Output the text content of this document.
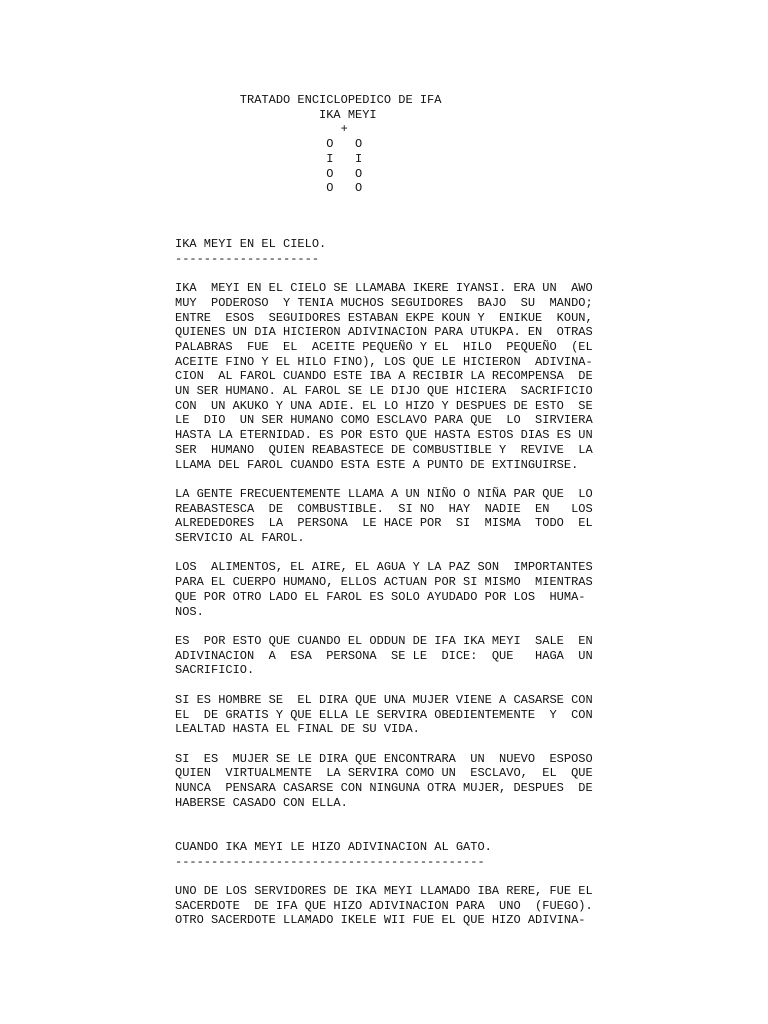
TRATADO ENCICLOPEDICO DE IFA
IKA MEYI
+
O   O
I   I
O   O
O   O
IKA MEYI EN EL CIELO.
--------------------

IKA  MEYI EN EL CIELO SE LLAMABA IKERE IYANSI. ERA UN  AWO
MUY  PODEROSO  Y TENIA MUCHOS SEGUIDORES  BAJO  SU  MANDO;
ENTRE  ESOS  SEGUIDORES ESTABAN EKPE KOUN Y  ENIKUE  KOUN,
QUIENES UN DIA HICIERON ADIVINACION PARA UTUKPA. EN  OTRAS
PALABRAS  FUE  EL  ACEITE PEQUEÑO Y EL  HILO  PEQUEÑO  (EL
ACEITE FINO Y EL HILO FINO), LOS QUE LE HICIERON  ADIVINA-
CION  AL FAROL CUANDO ESTE IBA A RECIBIR LA RECOMPENSA  DE
UN SER HUMANO. AL FAROL SE LE DIJO QUE HICIERA  SACRIFICIO
CON  UN AKUKO Y UNA ADIE. EL LO HIZO Y DESPUES DE ESTO  SE
LE  DIO  UN SER HUMANO COMO ESCLAVO PARA QUE  LO  SIRVIERA
HASTA LA ETERNIDAD. ES POR ESTO QUE HASTA ESTOS DIAS ES UN
SER  HUMANO  QUIEN REABASTECE DE COMBUSTIBLE Y  REVIVE  LA
LLAMA DEL FAROL CUANDO ESTA ESTE A PUNTO DE EXTINGUIRSE.

LA GENTE FRECUENTEMENTE LLAMA A UN NIÑO O NIÑA PAR QUE  LO
REABASTESCA  DE  COMBUSTIBLE.  SI NO  HAY  NADIE  EN   LOS
ALREDEDORES  LA  PERSONA  LE HACE POR  SI  MISMA  TODO  EL
SERVICIO AL FAROL.

LOS  ALIMENTOS, EL AIRE, EL AGUA Y LA PAZ SON  IMPORTANTES
PARA EL CUERPO HUMANO, ELLOS ACTUAN POR SI MISMO  MIENTRAS
QUE POR OTRO LADO EL FAROL ES SOLO AYUDADO POR LOS  HUMA-
NOS.

ES  POR ESTO QUE CUANDO EL ODDUN DE IFA IKA MEYI  SALE  EN
ADIVINACION  A  ESA  PERSONA  SE LE  DICE:  QUE   HAGA  UN
SACRIFICIO.

SI ES HOMBRE SE  EL DIRA QUE UNA MUJER VIENE A CASARSE CON
EL  DE GRATIS Y QUE ELLA LE SERVIRA OBEDIENTEMENTE  Y  CON
LEALTAD HASTA EL FINAL DE SU VIDA.

SI  ES  MUJER SE LE DIRA QUE ENCONTRARA  UN  NUEVO  ESPOSO
QUIEN  VIRTUALMENTE  LA SERVIRA COMO UN  ESCLAVO,  EL  QUE
NUNCA  PENSARA CASARSE CON NINGUNA OTRA MUJER, DESPUES  DE
HABERSE CASADO CON ELLA.

CUANDO IKA MEYI LE HIZO ADIVINACION AL GATO.
-------------------------------------------

UNO DE LOS SERVIDORES DE IKA MEYI LLAMADO IBA RERE, FUE EL
SACERDOTE  DE IFA QUE HIZO ADIVINACION PARA  UNO  (FUEGO).
OTRO SACERDOTE LLAMADO IKELE WII FUE EL QUE HIZO ADIVINA-
